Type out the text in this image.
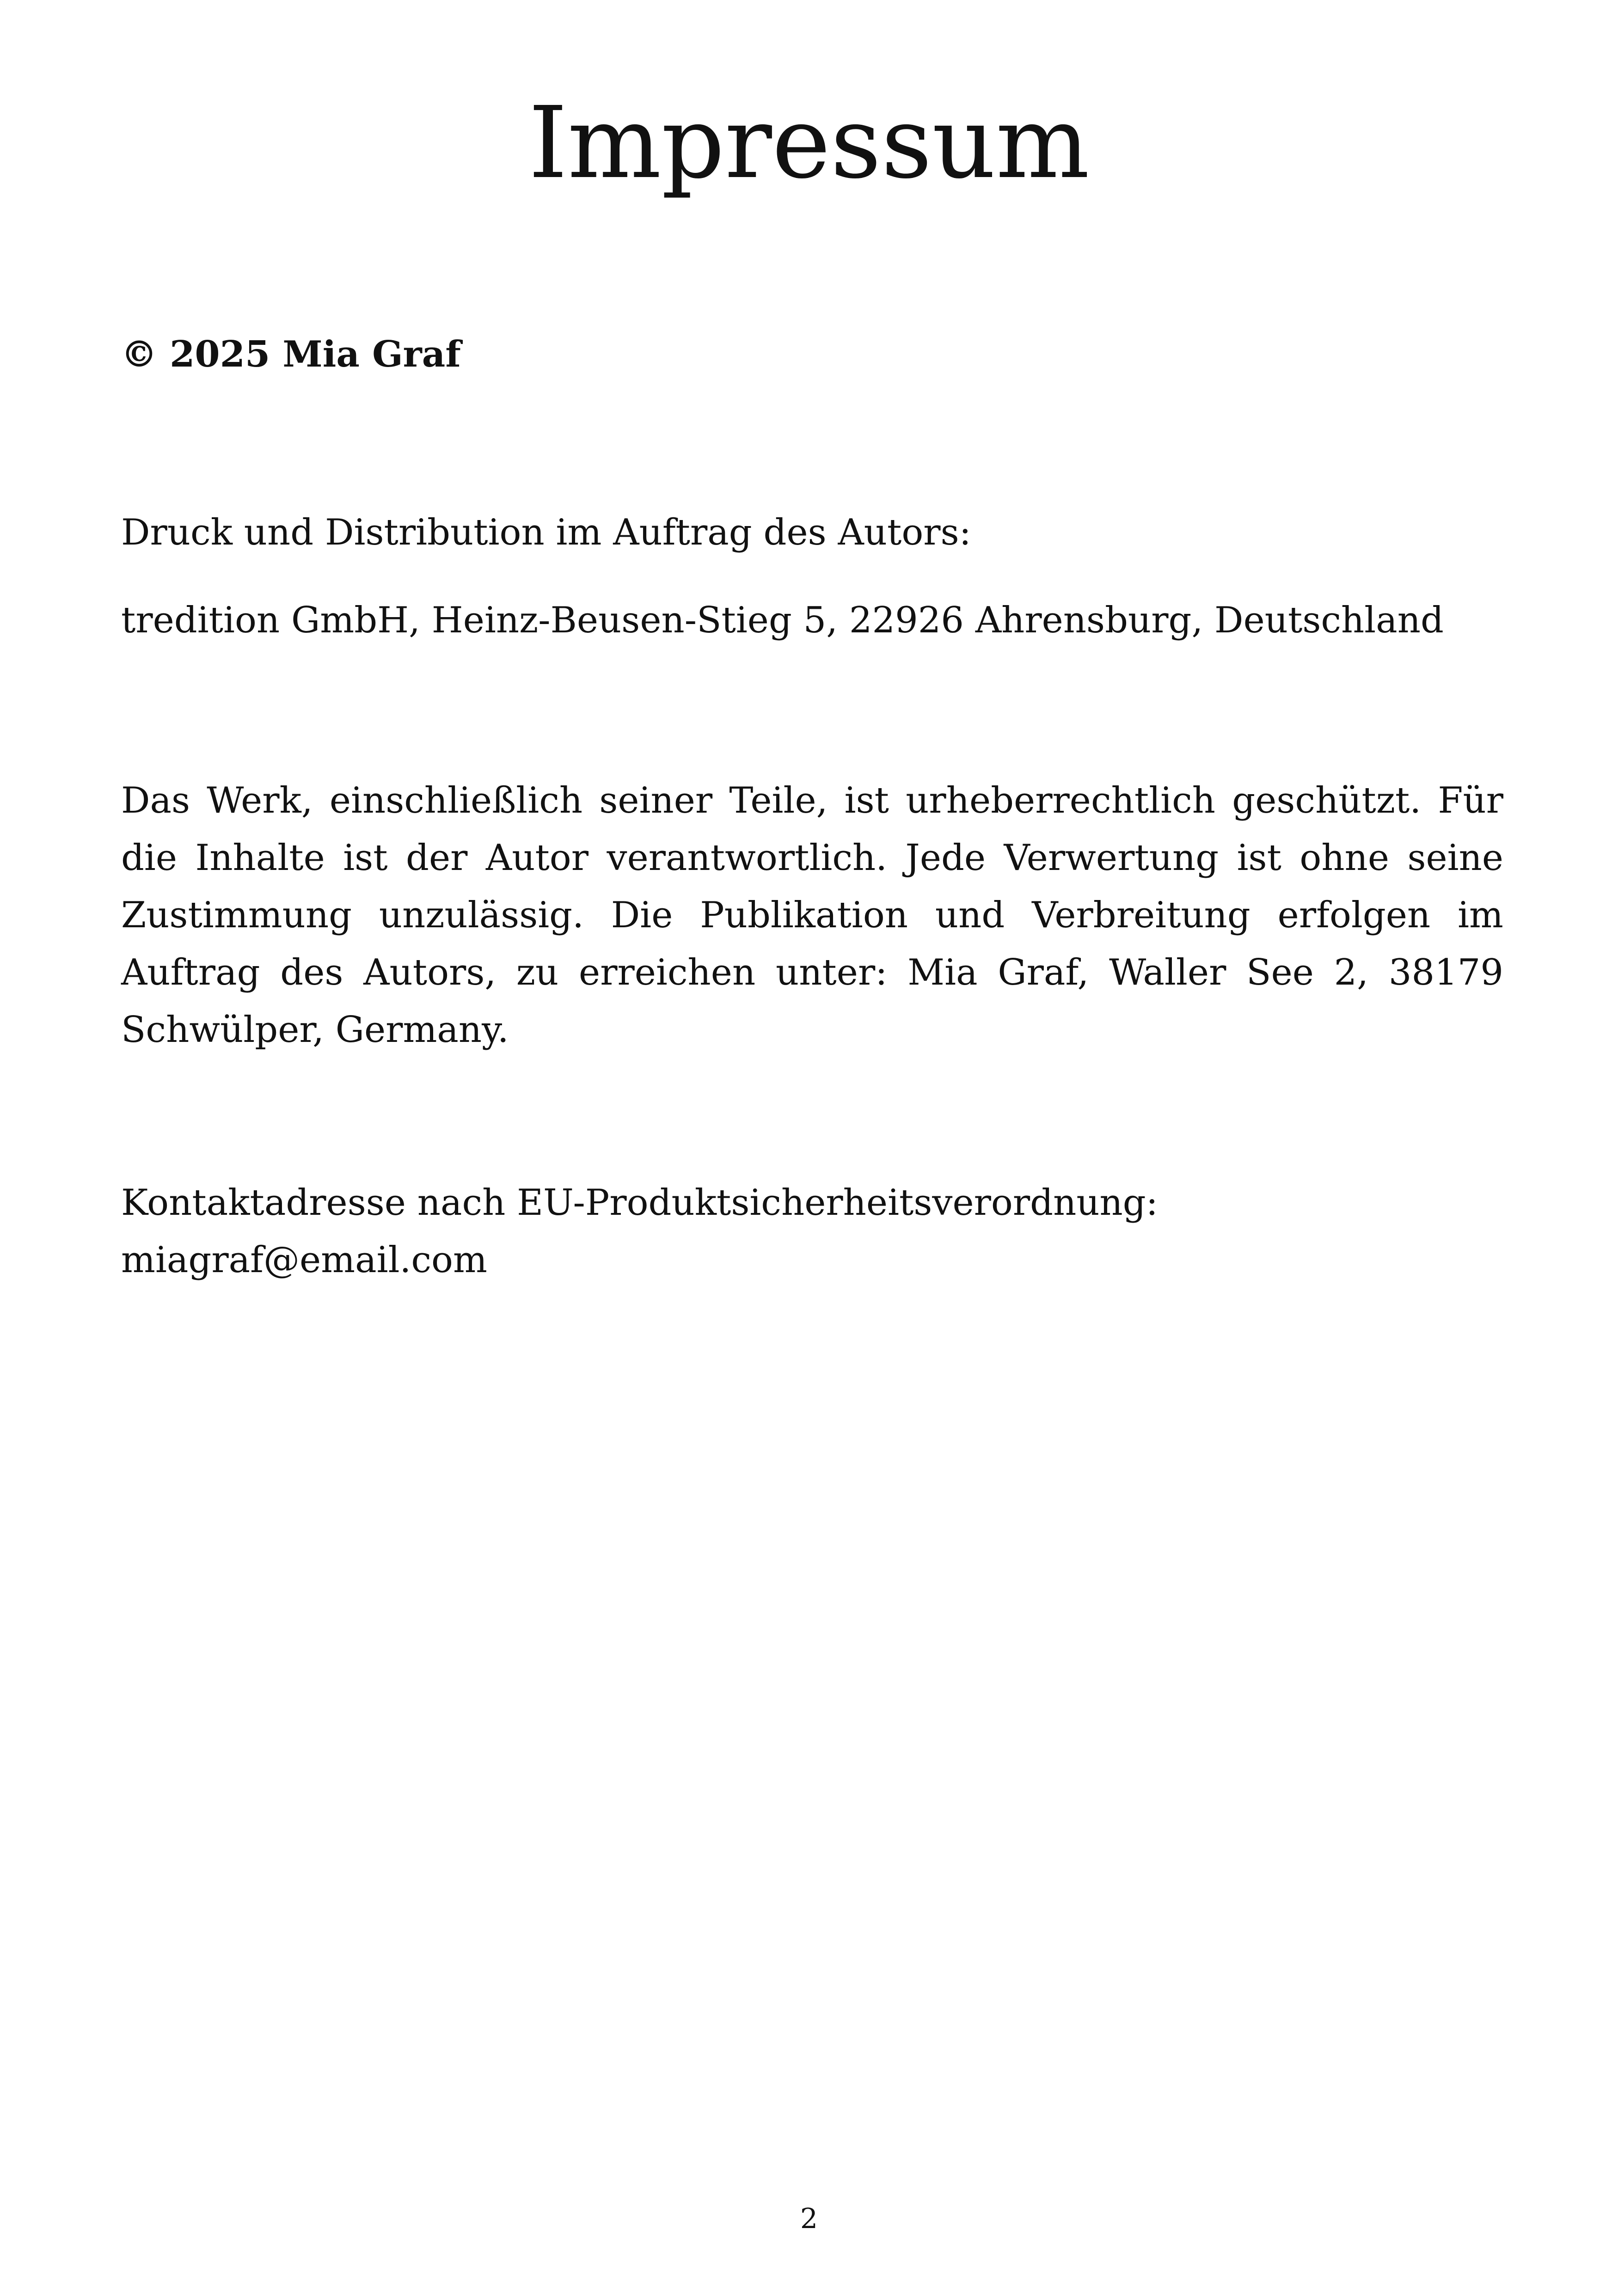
Impressum

© 2025 Mia Graf

Druck und Distribution im Auftrag des Autors:

tredition GmbH, Heinz-Beusen-Stieg 5, 22926 Ahrensburg, Deutschland

Das Werk, einschließlich seiner Teile, ist urheberrechtlich geschützt. Für die Inhalte ist der Autor verantwortlich. Jede Verwertung ist ohne seine Zustimmung unzulässig. Die Publikation und Verbreitung erfolgen im Auftrag des Autors, zu erreichen unter: Mia Graf, Waller See 2, 38179 Schwülper, Germany.

Kontaktadresse nach EU-Produktsicherheitsverordnung:

miagraf@email.com

2
